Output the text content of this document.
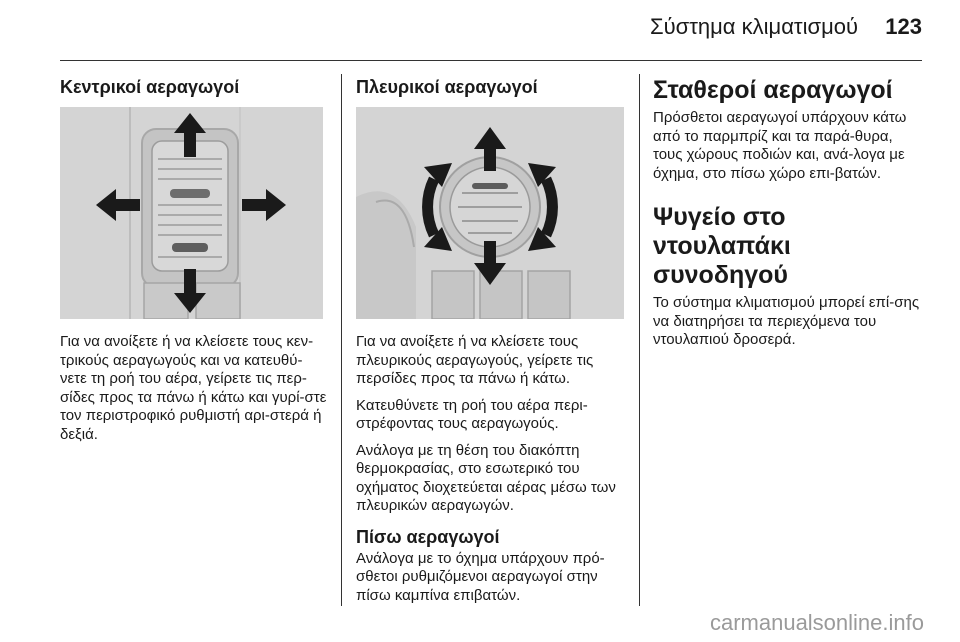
Σύστημα κλιματισμού	123
Κεντρικοί αεραγωγοί

Για να ανοίξετε ή να κλείσετε τους κεν-τρικούς αεραγωγούς και να κατευθύ-νετε τη ροή του αέρα, γείρετε τις περ-σίδες προς τα πάνω ή κάτω και γυρί-στε τον περιστροφικό ρυθμιστή αρι-στερά ή δεξιά.

Πλευρικοί αεραγωγοί

Για να ανοίξετε ή να κλείσετε τους πλευρικούς αεραγωγούς, γείρετε τις περσίδες προς τα πάνω ή κάτω.

Κατευθύνετε τη ροή του αέρα περι-στρέφοντας τους αεραγωγούς.

Ανάλογα με τη θέση του διακόπτη θερμοκρασίας, στο εσωτερικό του οχήματος διοχετεύεται αέρας μέσω των πλευρικών αεραγωγών.

Πίσω αεραγωγοί

Ανάλογα με το όχημα υπάρχουν πρό-σθετοι ρυθμιζόμενοι αεραγωγοί στην πίσω καμπίνα επιβατών.

Σταθεροί αεραγωγοί

Πρόσθετοι αεραγωγοί υπάρχουν κάτω από το παρμπρίζ και τα παρά-θυρα, τους χώρους ποδιών και, ανά-λογα με όχημα, στο πίσω χώρο επι-βατών.

Ψυγείο στο ντουλαπάκι συνοδηγού

Το σύστημα κλιματισμού μπορεί επί-σης να διατηρήσει τα περιεχόμενα του ντουλαπιού δροσερά.

carmanualsonline.info
